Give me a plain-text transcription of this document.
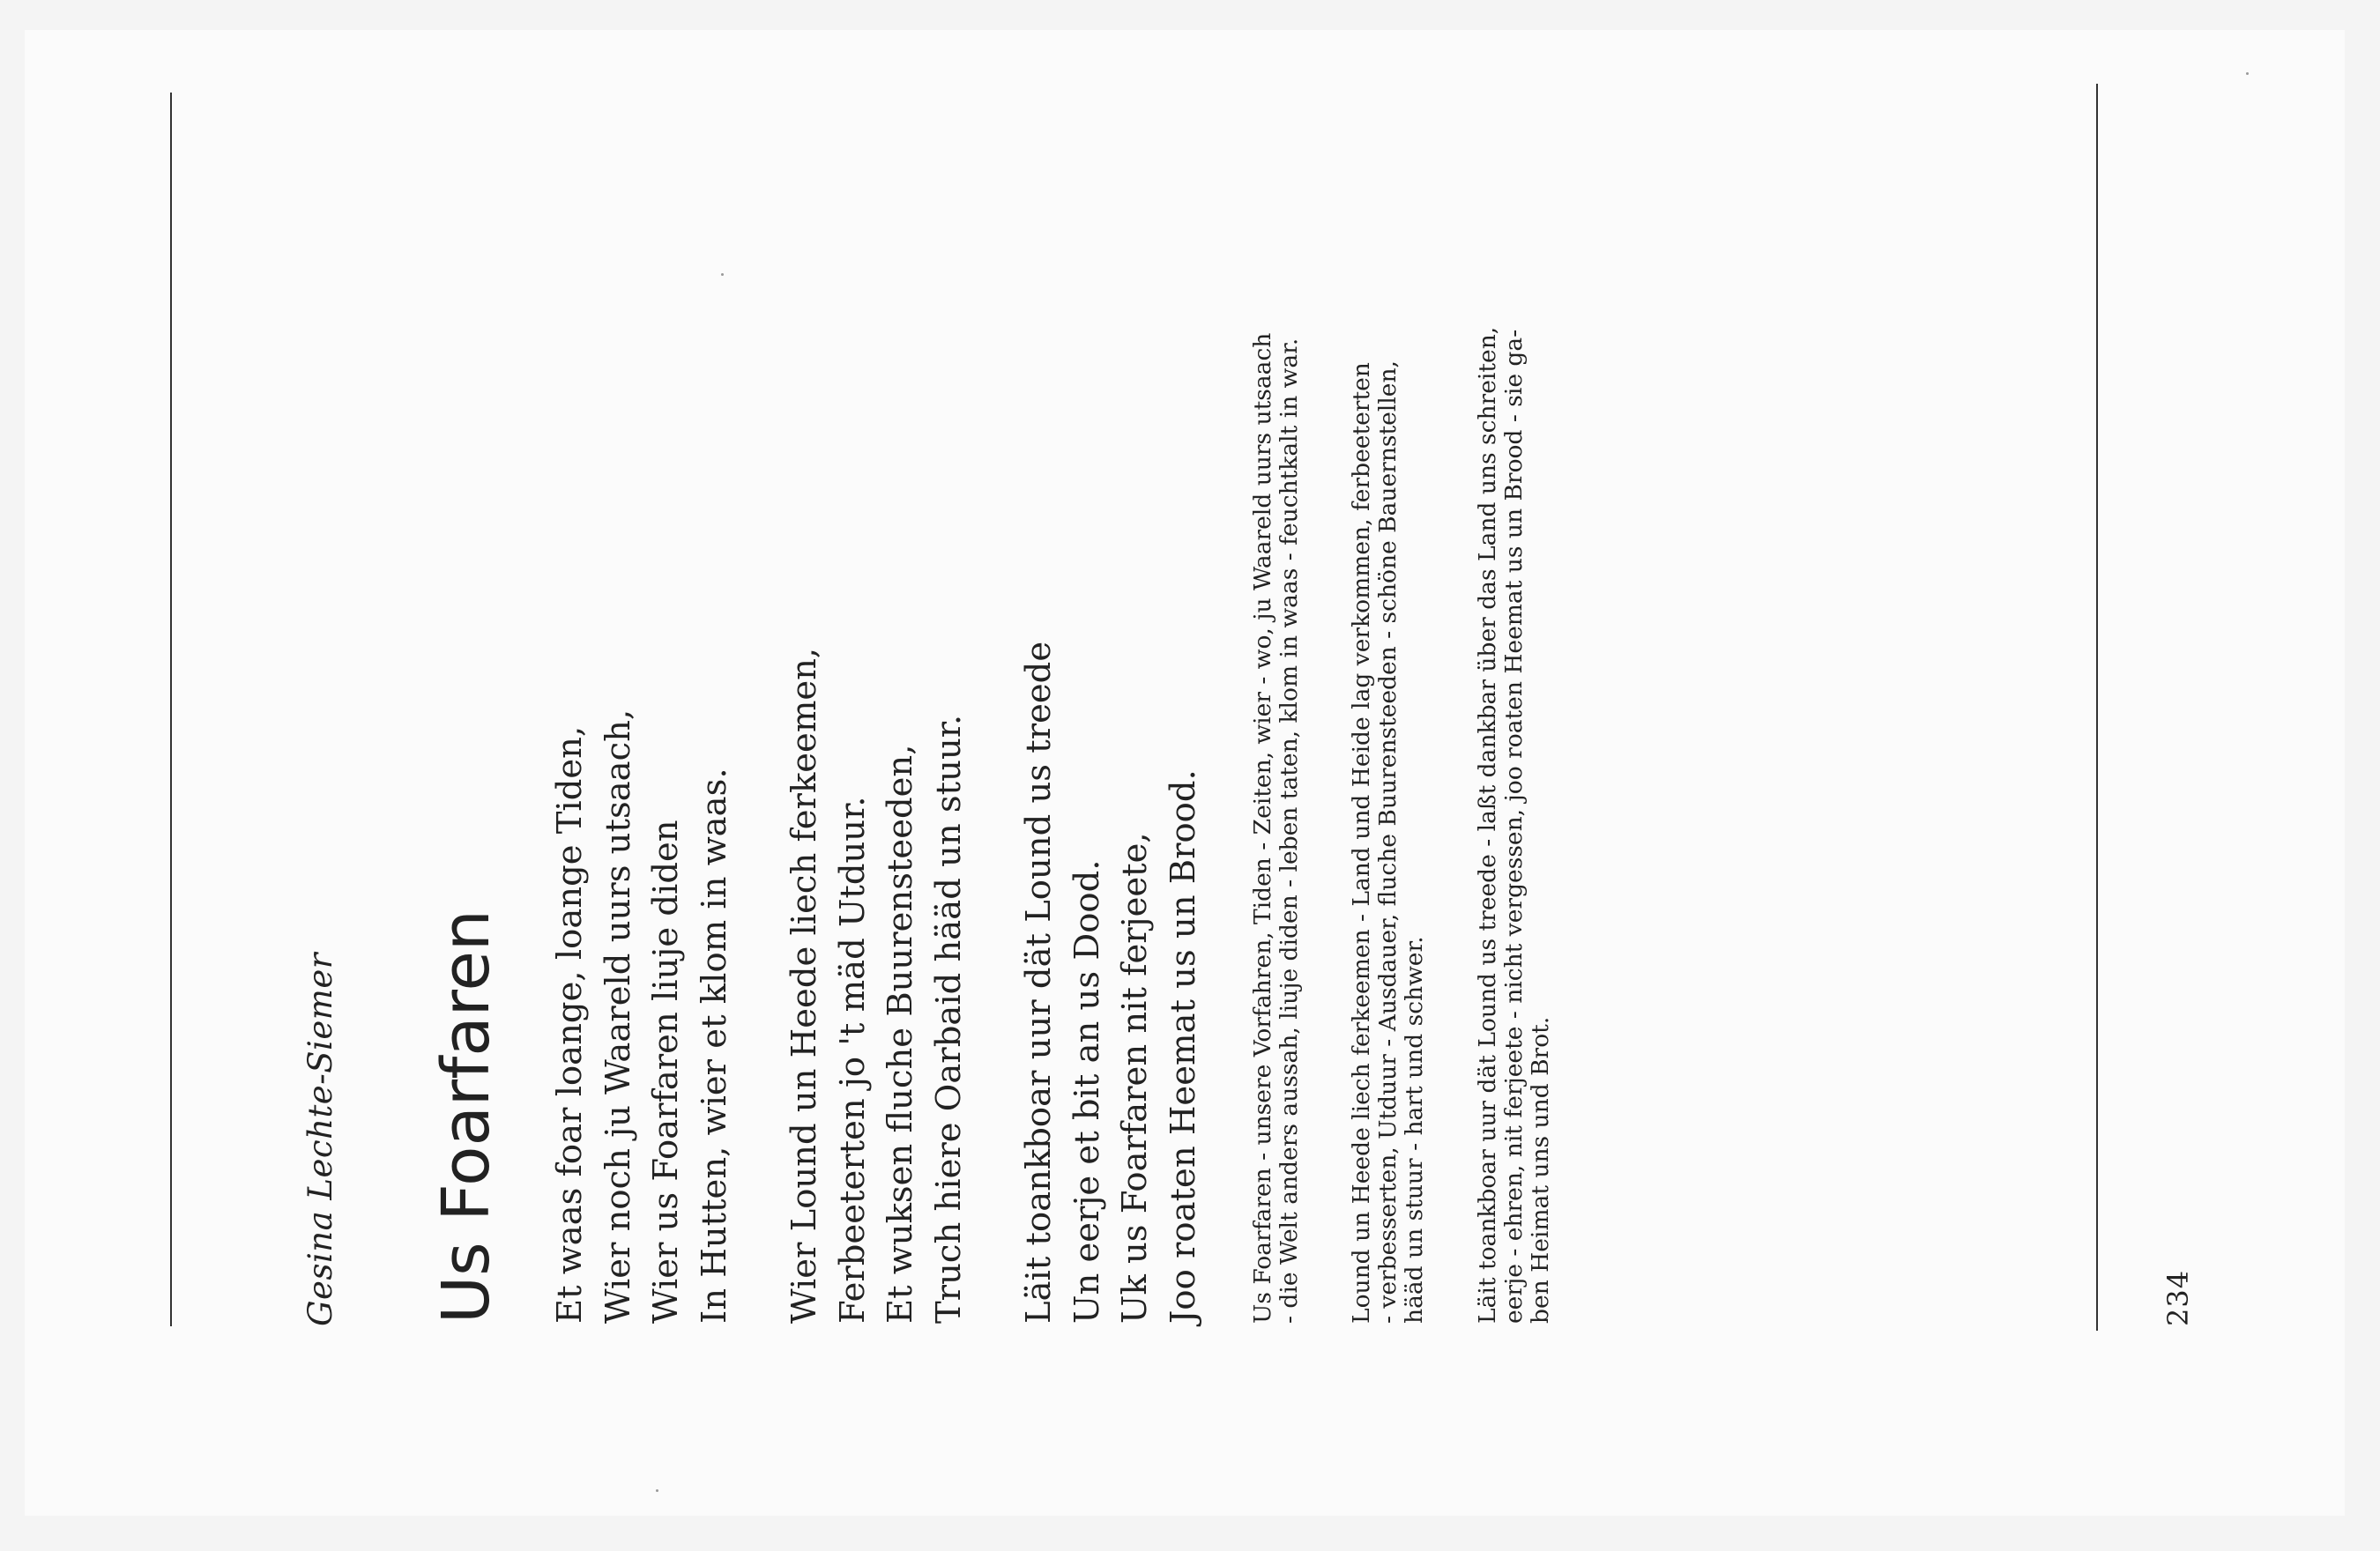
Gesina Lechte-Siemer Us Foarfaren Et waas foar loange, loange Tiden, Wier noch ju Waareld uurs utsaach, Wier us Foarfaren liuje diden In Hutten, wier et klom in waas. Wier Lound un Heede liech ferkeemen, Ferbeeterten jo 't mäd Utduur. Et wuksen fluche Buurensteeden, Truch hiere Oarbaid hääd un stuur. Läit toankboar uur dät Lound us treede Un eerje et bit an us Dood. Uk us Foarfaren nit ferjeete, Joo roaten Heemat us un Brood. Us Foarfaren - unsere Vorfahren, Tiden - Zeiten, wier - wo, ju Waareld uurs utsaach - die Welt anders aussah, liuje diden - leben taten, klom in waas - feuchtkalt in war. Lound un Heede liech ferkeemen - Land und Heide lag verkommen, ferbeeterten - verbesserten, Utduur - Ausdauer, fluche Buurensteeden - schöne Bauernstellen, hääd un stuur - hart und schwer. Läit toankboar uur dät Lound us treede - laßt dankbar über das Land uns schreiten, eerje - ehren, nit ferjeete - nicht vergessen, joo roaten Heemat us un Brood - sie ga- ben Heimat uns und Brot.	234
